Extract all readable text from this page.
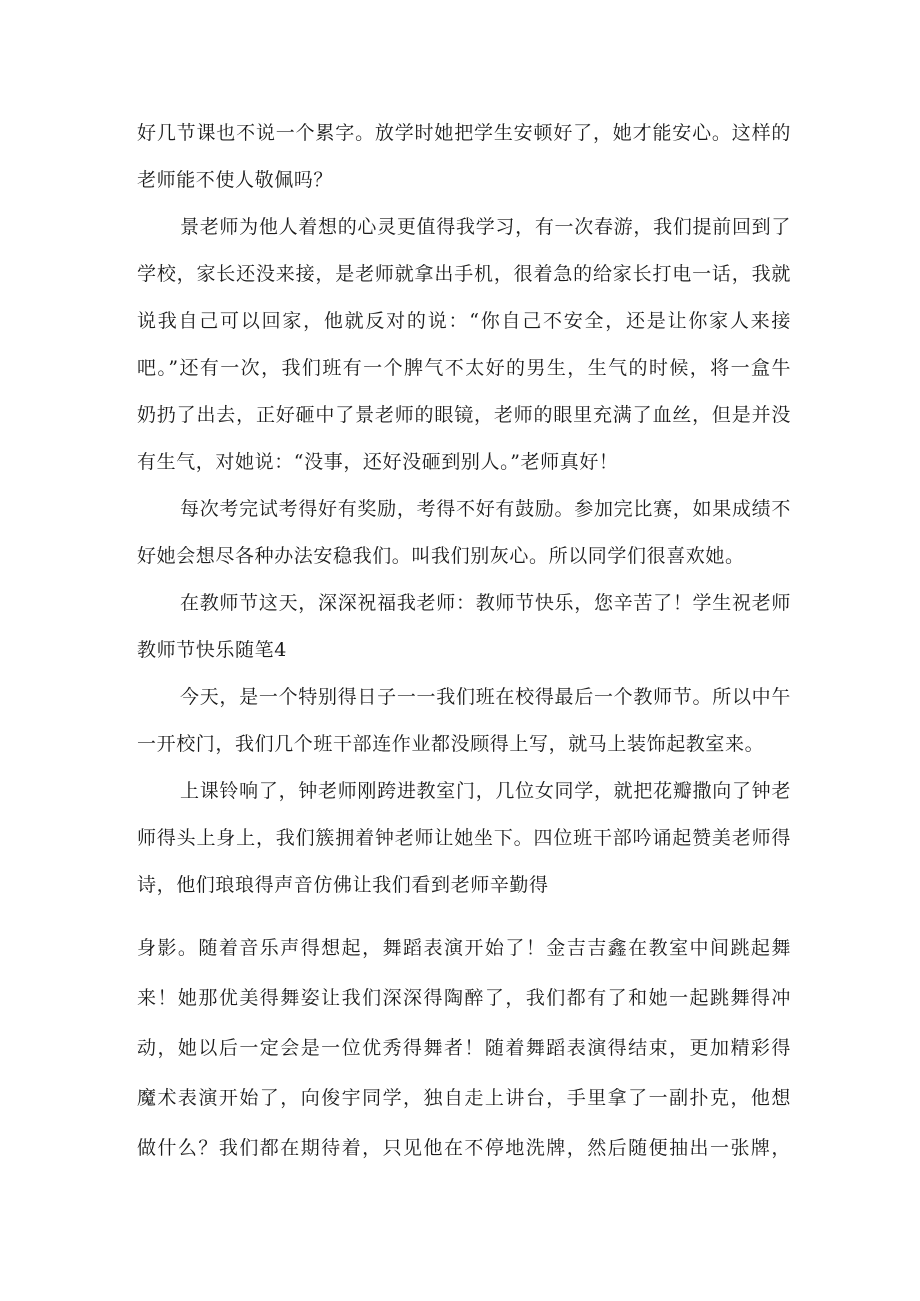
好几节课也不说一个累字。放学时她把学生安顿好了，她才能安心。这样的
老师能不使人敬佩吗？
景老师为他人着想的心灵更值得我学习，有一次春游，我们提前回到了
学校，家长还没来接，是老师就拿出手机，很着急的给家长打电一话，我就
说我自己可以回家，他就反对的说：“你自己不安全，还是让你家人来接
吧。”还有一次，我们班有一个脾气不太好的男生，生气的时候，将一盒牛
奶扔了出去，正好砸中了景老师的眼镜，老师的眼里充满了血丝，但是并没
有生气，对她说：“没事，还好没砸到别人。”老师真好！
每次考完试考得好有奖励，考得不好有鼓励。参加完比赛，如果成绩不
好她会想尽各种办法安稳我们。叫我们别灰心。所以同学们很喜欢她。
在教师节这天，深深祝福我老师：教师节快乐，您辛苦了！学生祝老师
教师节快乐随笔4
今天，是一个特别得日子一一我们班在校得最后一个教师节。所以中午
一开校门，我们几个班干部连作业都没顾得上写，就马上装饰起教室来。
上课铃响了，钟老师刚跨进教室门，几位女同学，就把花瓣撒向了钟老
师得头上身上，我们簇拥着钟老师让她坐下。四位班干部吟诵起赞美老师得
诗，他们琅琅得声音仿佛让我们看到老师辛勤得
身影。随着音乐声得想起，舞蹈表演开始了！金吉吉鑫在教室中间跳起舞
来！她那优美得舞姿让我们深深得陶醉了，我们都有了和她一起跳舞得冲
动，她以后一定会是一位优秀得舞者！随着舞蹈表演得结束，更加精彩得
魔术表演开始了，向俊宇同学，独自走上讲台，手里拿了一副扑克，他想
做什么？我们都在期待着，只见他在不停地洗牌，然后随便抽出一张牌，
